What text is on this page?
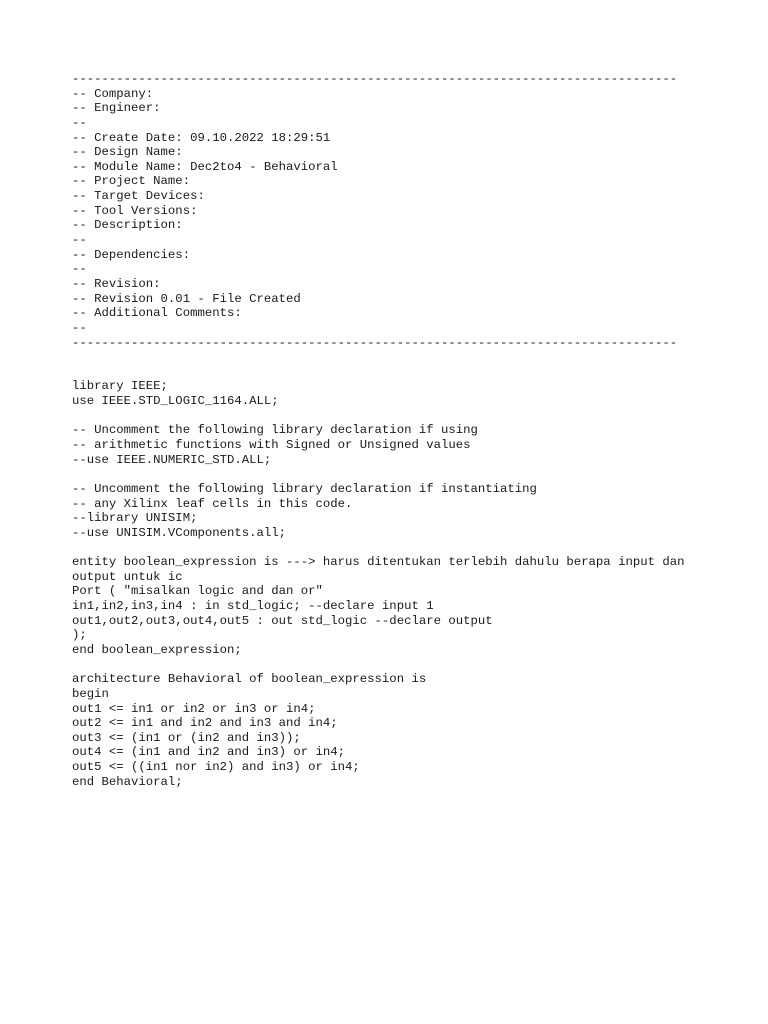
----------------------------------------------------------------------------------
-- Company:
-- Engineer:
--
-- Create Date: 09.10.2022 18:29:51
-- Design Name:
-- Module Name: Dec2to4 - Behavioral
-- Project Name:
-- Target Devices:
-- Tool Versions:
-- Description:
--
-- Dependencies:
--
-- Revision:
-- Revision 0.01 - File Created
-- Additional Comments:
--
----------------------------------------------------------------------------------
library IEEE;
use IEEE.STD_LOGIC_1164.ALL;
-- Uncomment the following library declaration if using
-- arithmetic functions with Signed or Unsigned values
--use IEEE.NUMERIC_STD.ALL;
-- Uncomment the following library declaration if instantiating
-- any Xilinx leaf cells in this code.
--library UNISIM;
--use UNISIM.VComponents.all;
entity boolean_expression is ---> harus ditentukan terlebih dahulu berapa input dan
output untuk ic
Port ( "misalkan logic and dan or"
in1,in2,in3,in4 : in std_logic; --declare input 1
out1,out2,out3,out4,out5 : out std_logic --declare output
);
end boolean_expression;
architecture Behavioral of boolean_expression is
begin
out1 <= in1 or in2 or in3 or in4;
out2 <= in1 and in2 and in3 and in4;
out3 <= (in1 or (in2 and in3));
out4 <= (in1 and in2 and in3) or in4;
out5 <= ((in1 nor in2) and in3) or in4;
end Behavioral;
